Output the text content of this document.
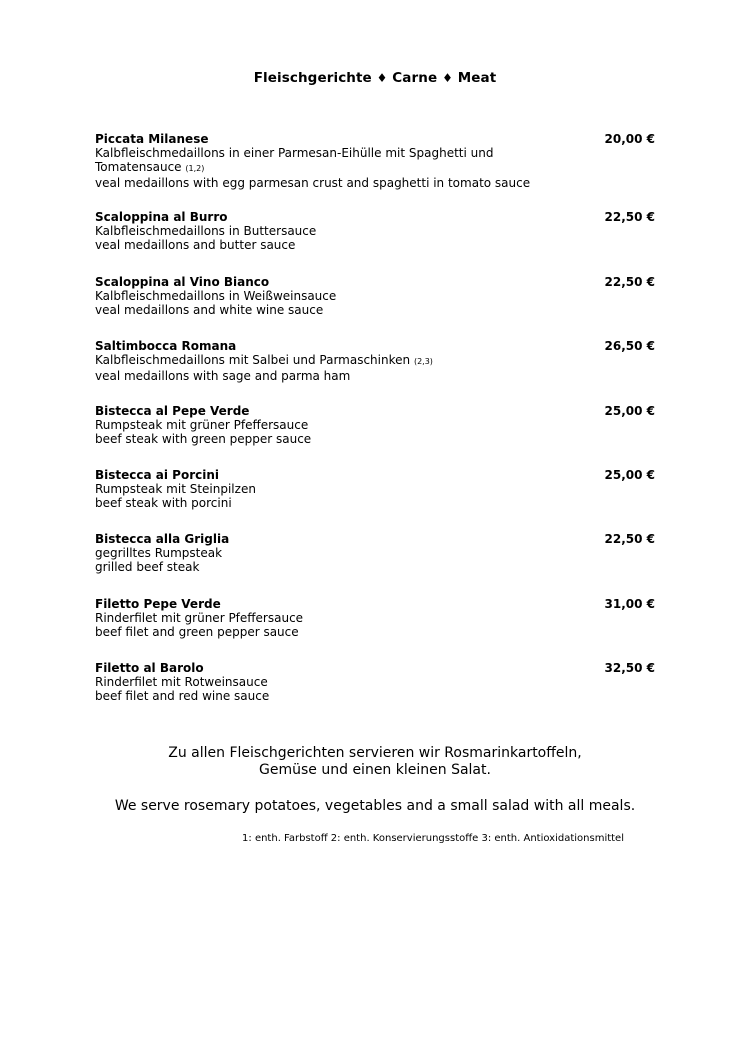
Fleischgerichte ♦ Carne ♦ Meat
Piccata Milanese	20,00 €
Kalbfleischmedaillons in einer Parmesan-Eihülle mit Spaghetti und Tomatensauce (1,2)
veal medaillons with egg parmesan crust and spaghetti in tomato sauce
Scaloppina al Burro	22,50 €
Kalbfleischmedaillons in Buttersauce
veal medaillons and butter sauce
Scaloppina al Vino Bianco	22,50 €
Kalbfleischmedaillons in Weißweinsauce
veal medaillons and white wine sauce
Saltimbocca Romana	26,50 €
Kalbfleischmedaillons mit Salbei und Parmaschinken (2,3)
veal medaillons with sage and parma ham
Bistecca al Pepe Verde	25,00 €
Rumpsteak mit grüner Pfeffersauce
beef steak with green pepper sauce
Bistecca ai Porcini	25,00 €
Rumpsteak mit Steinpilzen
beef steak with porcini
Bistecca alla Griglia	22,50 €
gegrilltes Rumpsteak
grilled beef steak
Filetto Pepe Verde	31,00 €
Rinderfilet mit grüner Pfeffersauce
beef filet and green pepper sauce
Filetto al Barolo	32,50 €
Rinderfilet mit Rotweinsauce
beef filet and red wine sauce
Zu allen Fleischgerichten servieren wir Rosmarinkartoffeln,
Gemüse und einen kleinen Salat.
We serve rosemary potatoes, vegetables and a small salad with all meals.
1: enth. Farbstoff 2: enth. Konservierungsstoffe 3: enth. Antioxidationsmittel
